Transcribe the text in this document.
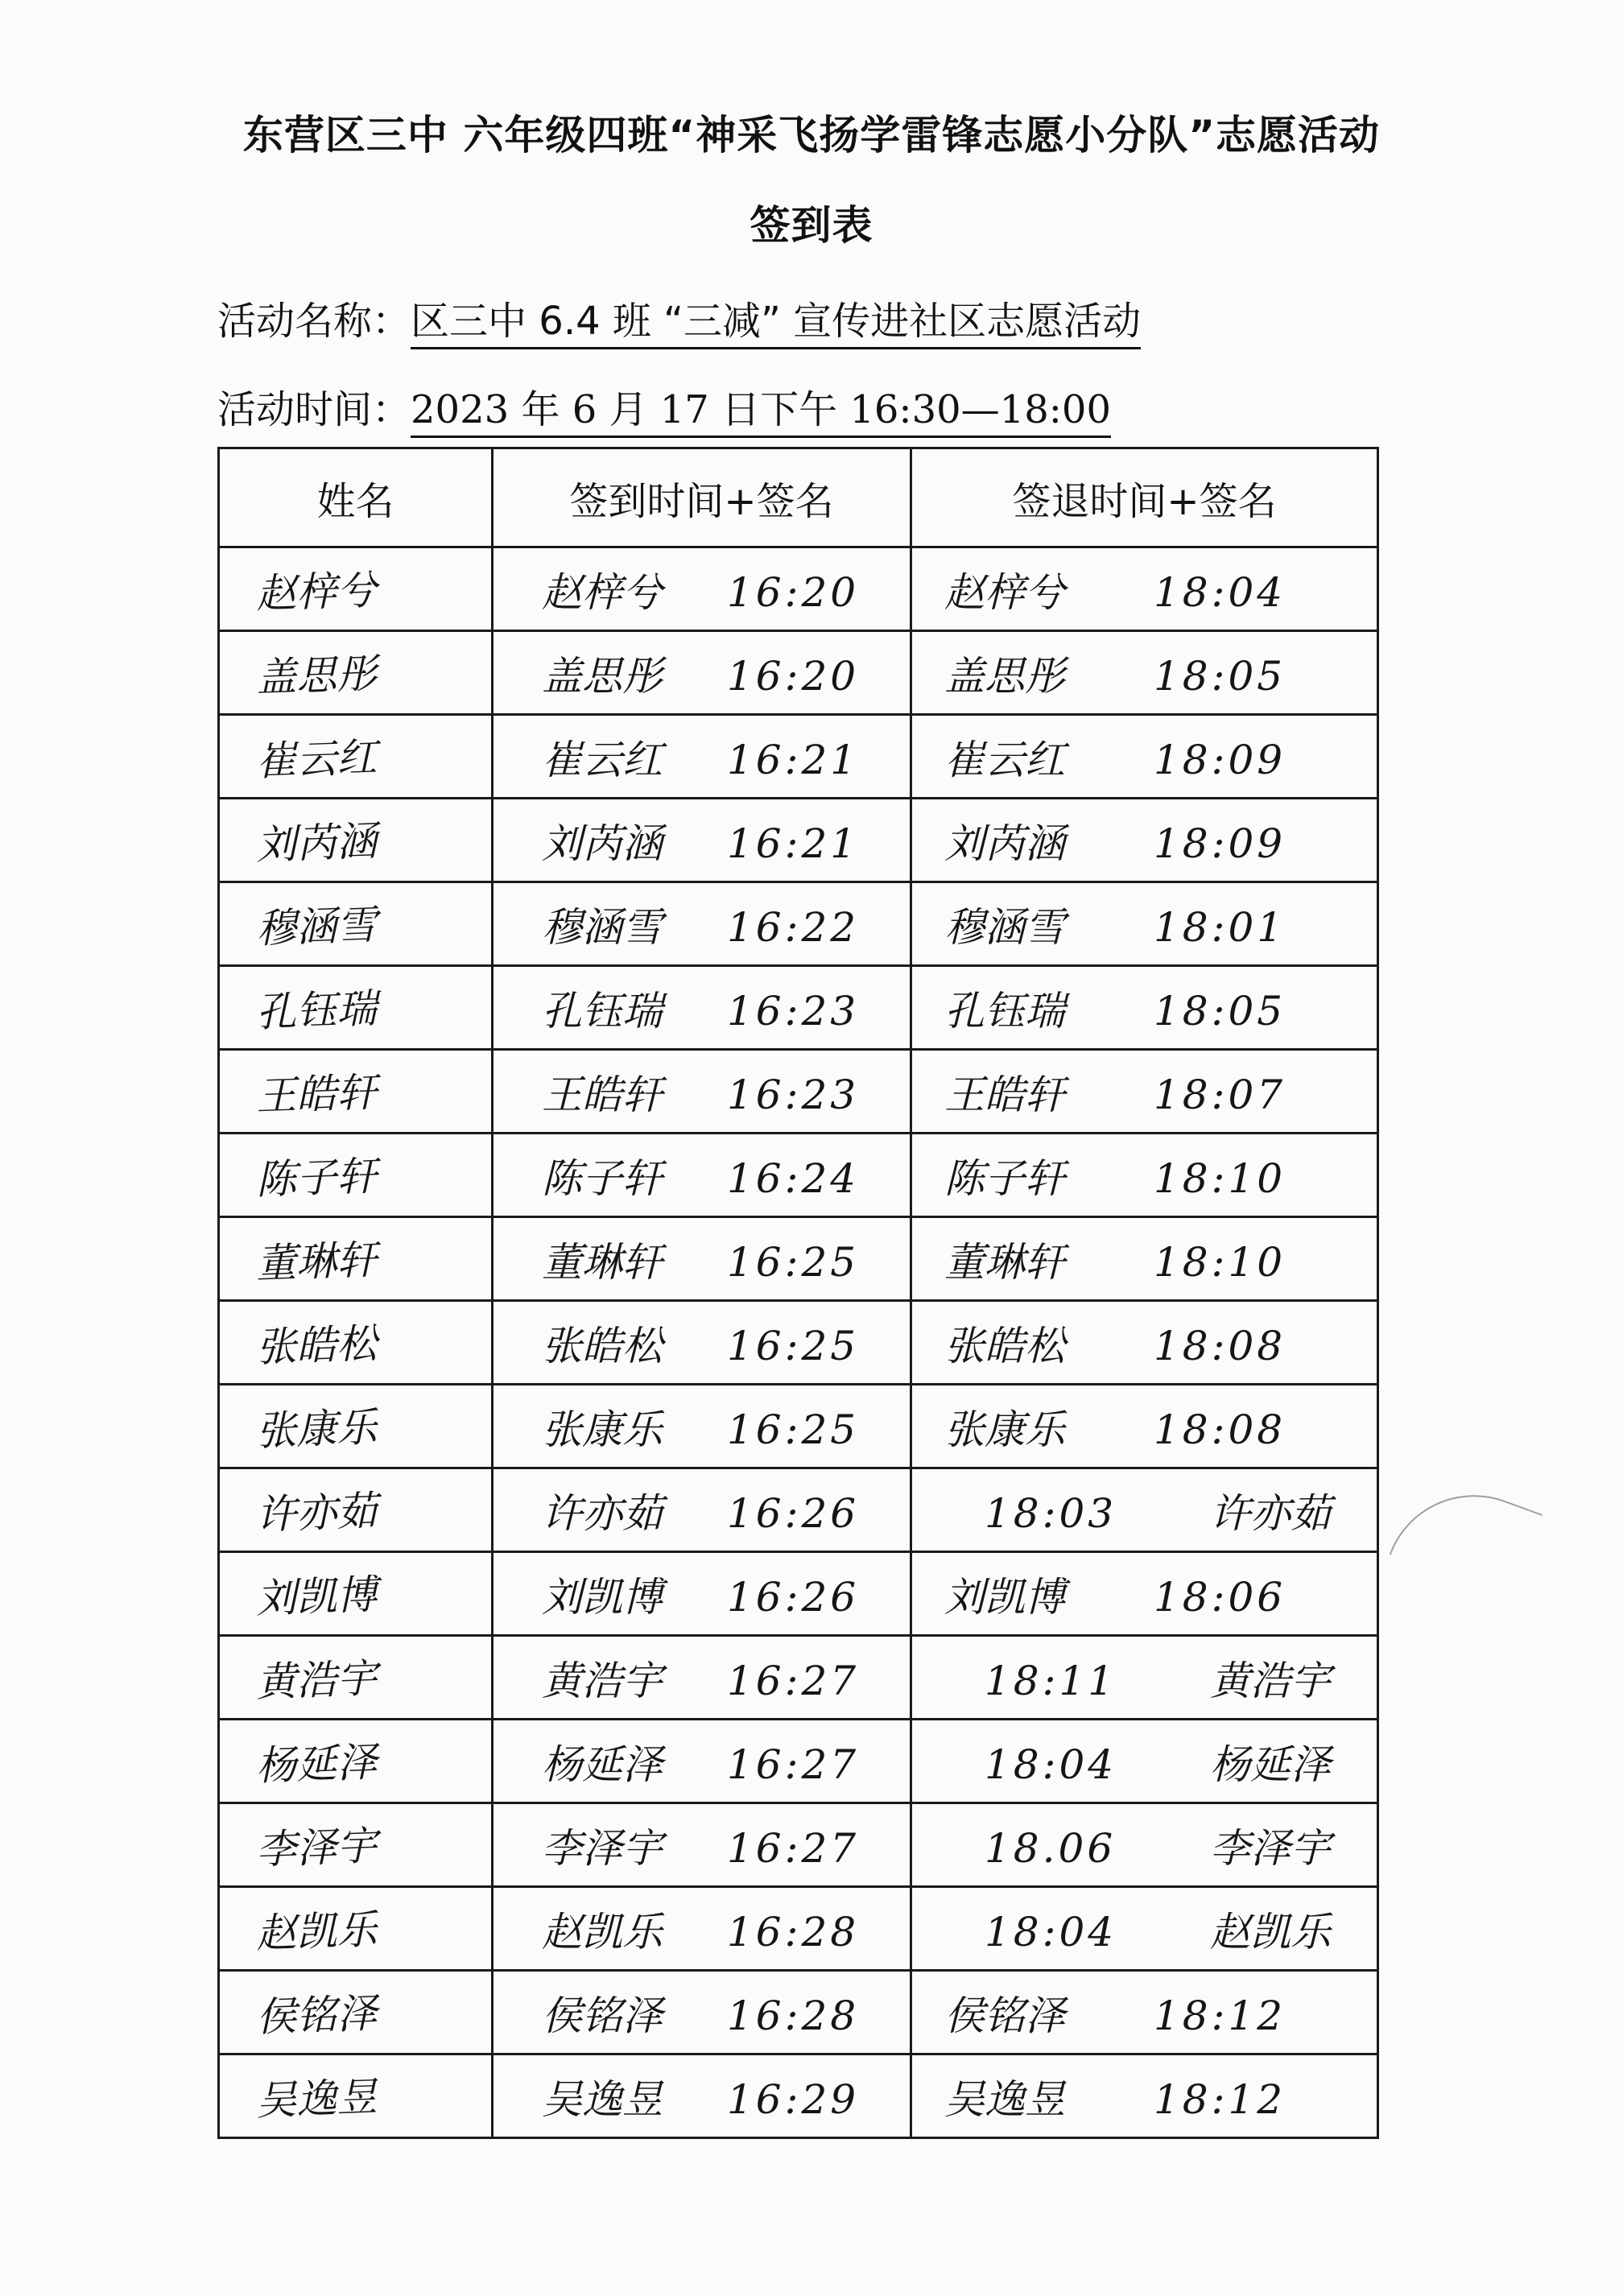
东营区三中 六年级四班“神采飞扬学雷锋志愿小分队”志愿活动
签到表
活动名称：区三中 6.4 班 “三减” 宣传进社区志愿活动
活动时间：2023 年 6 月 17 日下午 16:30—18:00
姓名	签到时间+签名	签退时间+签名
赵梓兮	赵梓兮 16:20	赵梓兮 18:04
盖思彤	盖思彤 16:20	盖思彤 18:05
崔云红	崔云红 16:21	崔云红 18:09
刘芮涵	刘芮涵 16:21	刘芮涵 18:09
穆涵雪	穆涵雪 16:22	穆涵雪 18:01
孔钰瑞	孔钰瑞 16:23	孔钰瑞 18:05
王皓轩	王皓轩 16:23	王皓轩 18:07
陈子轩	陈子轩 16:24	陈子轩 18:10
董琳轩	董琳轩 16:25	董琳轩 18:10
张皓松	张皓松 16:25	张皓松 18:08
张康乐	张康乐 16:25	张康乐 18:08
许亦茹	许亦茹 16:26	18:03 许亦茹
刘凯博	刘凯博 16:26	刘凯博 18:06
黄浩宇	黄浩宇 16:27	18:11 黄浩宇
杨延泽	杨延泽 16:27	18:04 杨延泽
李泽宇	李泽宇 16:27	18.06 李泽宇
赵凯乐	赵凯乐 16:28	18:04 赵凯乐
侯铭泽	侯铭泽 16:28	侯铭泽 18:12
吴逸昱	吴逸昱 16:29	吴逸昱 18:12
